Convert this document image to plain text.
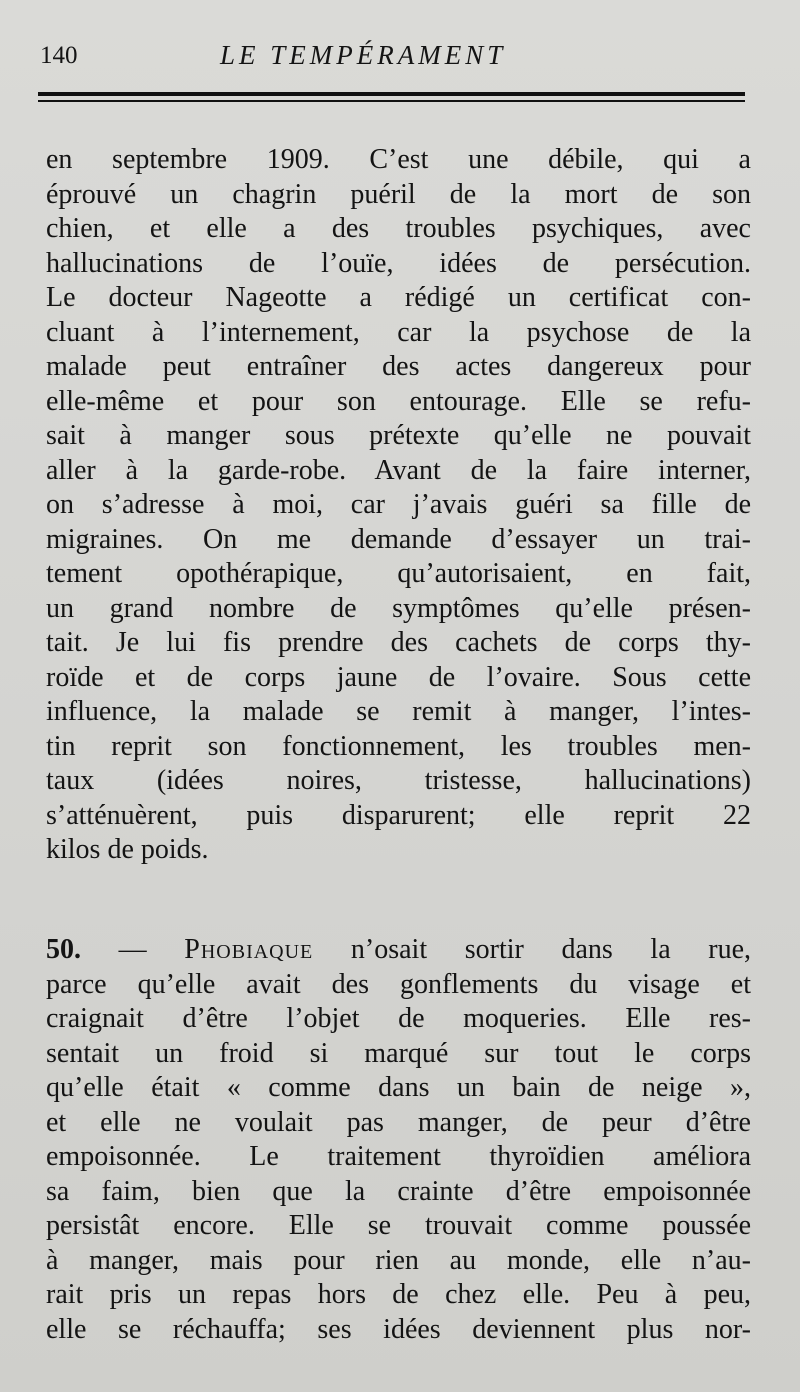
140	LE TEMPÉRAMENT
en septembre 1909. C’est une débile, qui a
éprouvé un chagrin puéril de la mort de son
chien, et elle a des troubles psychiques, avec
hallucinations de l’ouïe, idées de persécution.
Le docteur Nageotte a rédigé un certificat con-
cluant à l’internement, car la psychose de la
malade peut entraîner des actes dangereux pour
elle-même et pour son entourage. Elle se refu-
sait à manger sous prétexte qu’elle ne pouvait
aller à la garde-robe. Avant de la faire interner,
on s’adresse à moi, car j’avais guéri sa fille de
migraines. On me demande d’essayer un trai-
tement opothérapique, qu’autorisaient, en fait,
un grand nombre de symptômes qu’elle présen-
tait. Je lui fis prendre des cachets de corps thy-
roïde et de corps jaune de l’ovaire. Sous cette
influence, la malade se remit à manger, l’intes-
tin reprit son fonctionnement, les troubles men-
taux (idées noires, tristesse, hallucinations)
s’atténuèrent, puis disparurent; elle reprit 22
kilos de poids.
50. — Phobiaque n’osait sortir dans la rue,
parce qu’elle avait des gonflements du visage et
craignait d’être l’objet de moqueries. Elle res-
sentait un froid si marqué sur tout le corps
qu’elle était « comme dans un bain de neige »,
et elle ne voulait pas manger, de peur d’être
empoisonnée. Le traitement thyroïdien améliora
sa faim, bien que la crainte d’être empoisonnée
persistât encore. Elle se trouvait comme poussée
à manger, mais pour rien au monde, elle n’au-
rait pris un repas hors de chez elle. Peu à peu,
elle se réchauffa; ses idées deviennent plus nor-
